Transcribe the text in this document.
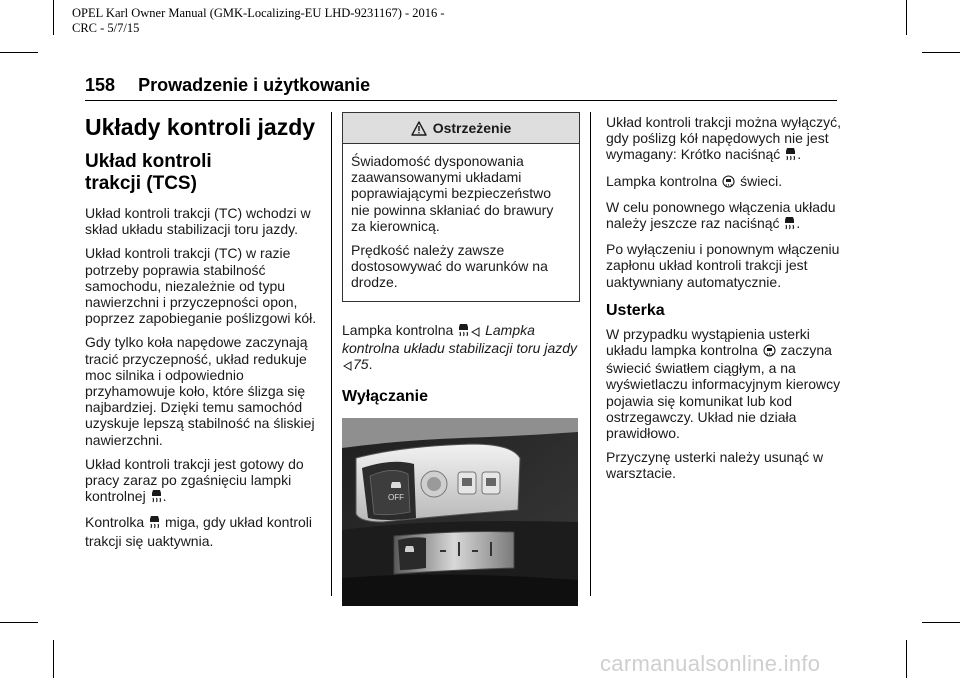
OPEL Karl Owner Manual (GMK-Localizing-EU LHD-9231167) - 2016 -
CRC - 5/7/15
158 Prowadzenie i użytkowanie
Układy kontroli jazdy
Układ kontroli
trakcji (TCS)

Układ kontroli trakcji (TC) wchodzi w skład układu stabilizacji toru jazdy.

Układ kontroli trakcji (TC) w razie potrzeby poprawia stabilność samochodu, niezależnie od typu nawierzchni i przyczepności opon, poprzez zapobieganie poślizgowi kół.

Gdy tylko koła napędowe zaczynają tracić przyczepność, układ redukuje moc silnika i odpowiednio przyhamowuje koło, które ślizga się najbardziej. Dzięki temu samochód uzyskuje lepszą stabilność na śliskiej nawierzchni.

Układ kontroli trakcji jest gotowy do pracy zaraz po zgaśnięciu lampki kontrolnej .

Kontrolka miga, gdy układ kontroli trakcji się uaktywnia.

Ostrzeżenie

Świadomość dysponowania zaawansowanymi układami poprawiającymi bezpieczeństwo nie powinna skłaniać do brawury za kierownicą.

Prędkość należy zawsze dostosowywać do warunków na drodze.

Lampka kontrolna Lampka kontrolna układu stabilizacji toru jazdy 75.

Wyłączanie
OFF

Układ kontroli trakcji można wyłączyć, gdy poślizg kół napędowych nie jest wymagany: Krótko naciśnąć .

Lampka kontrolna świeci.

W celu ponownego włączenia układu należy jeszcze raz naciśnąć .

Po wyłączeniu i ponownym włączeniu zapłonu układ kontroli trakcji jest uaktywniany automatycznie.

Usterka

W przypadku wystąpienia usterki układu lampka kontrolna zaczyna świecić światłem ciągłym, a na wyświetlaczu informacyjnym kierowcy pojawia się komunikat lub kod ostrzegawczy. Układ nie działa prawidłowo.

Przyczynę usterki należy usunąć w warsztacie.

carmanualsonline.info
